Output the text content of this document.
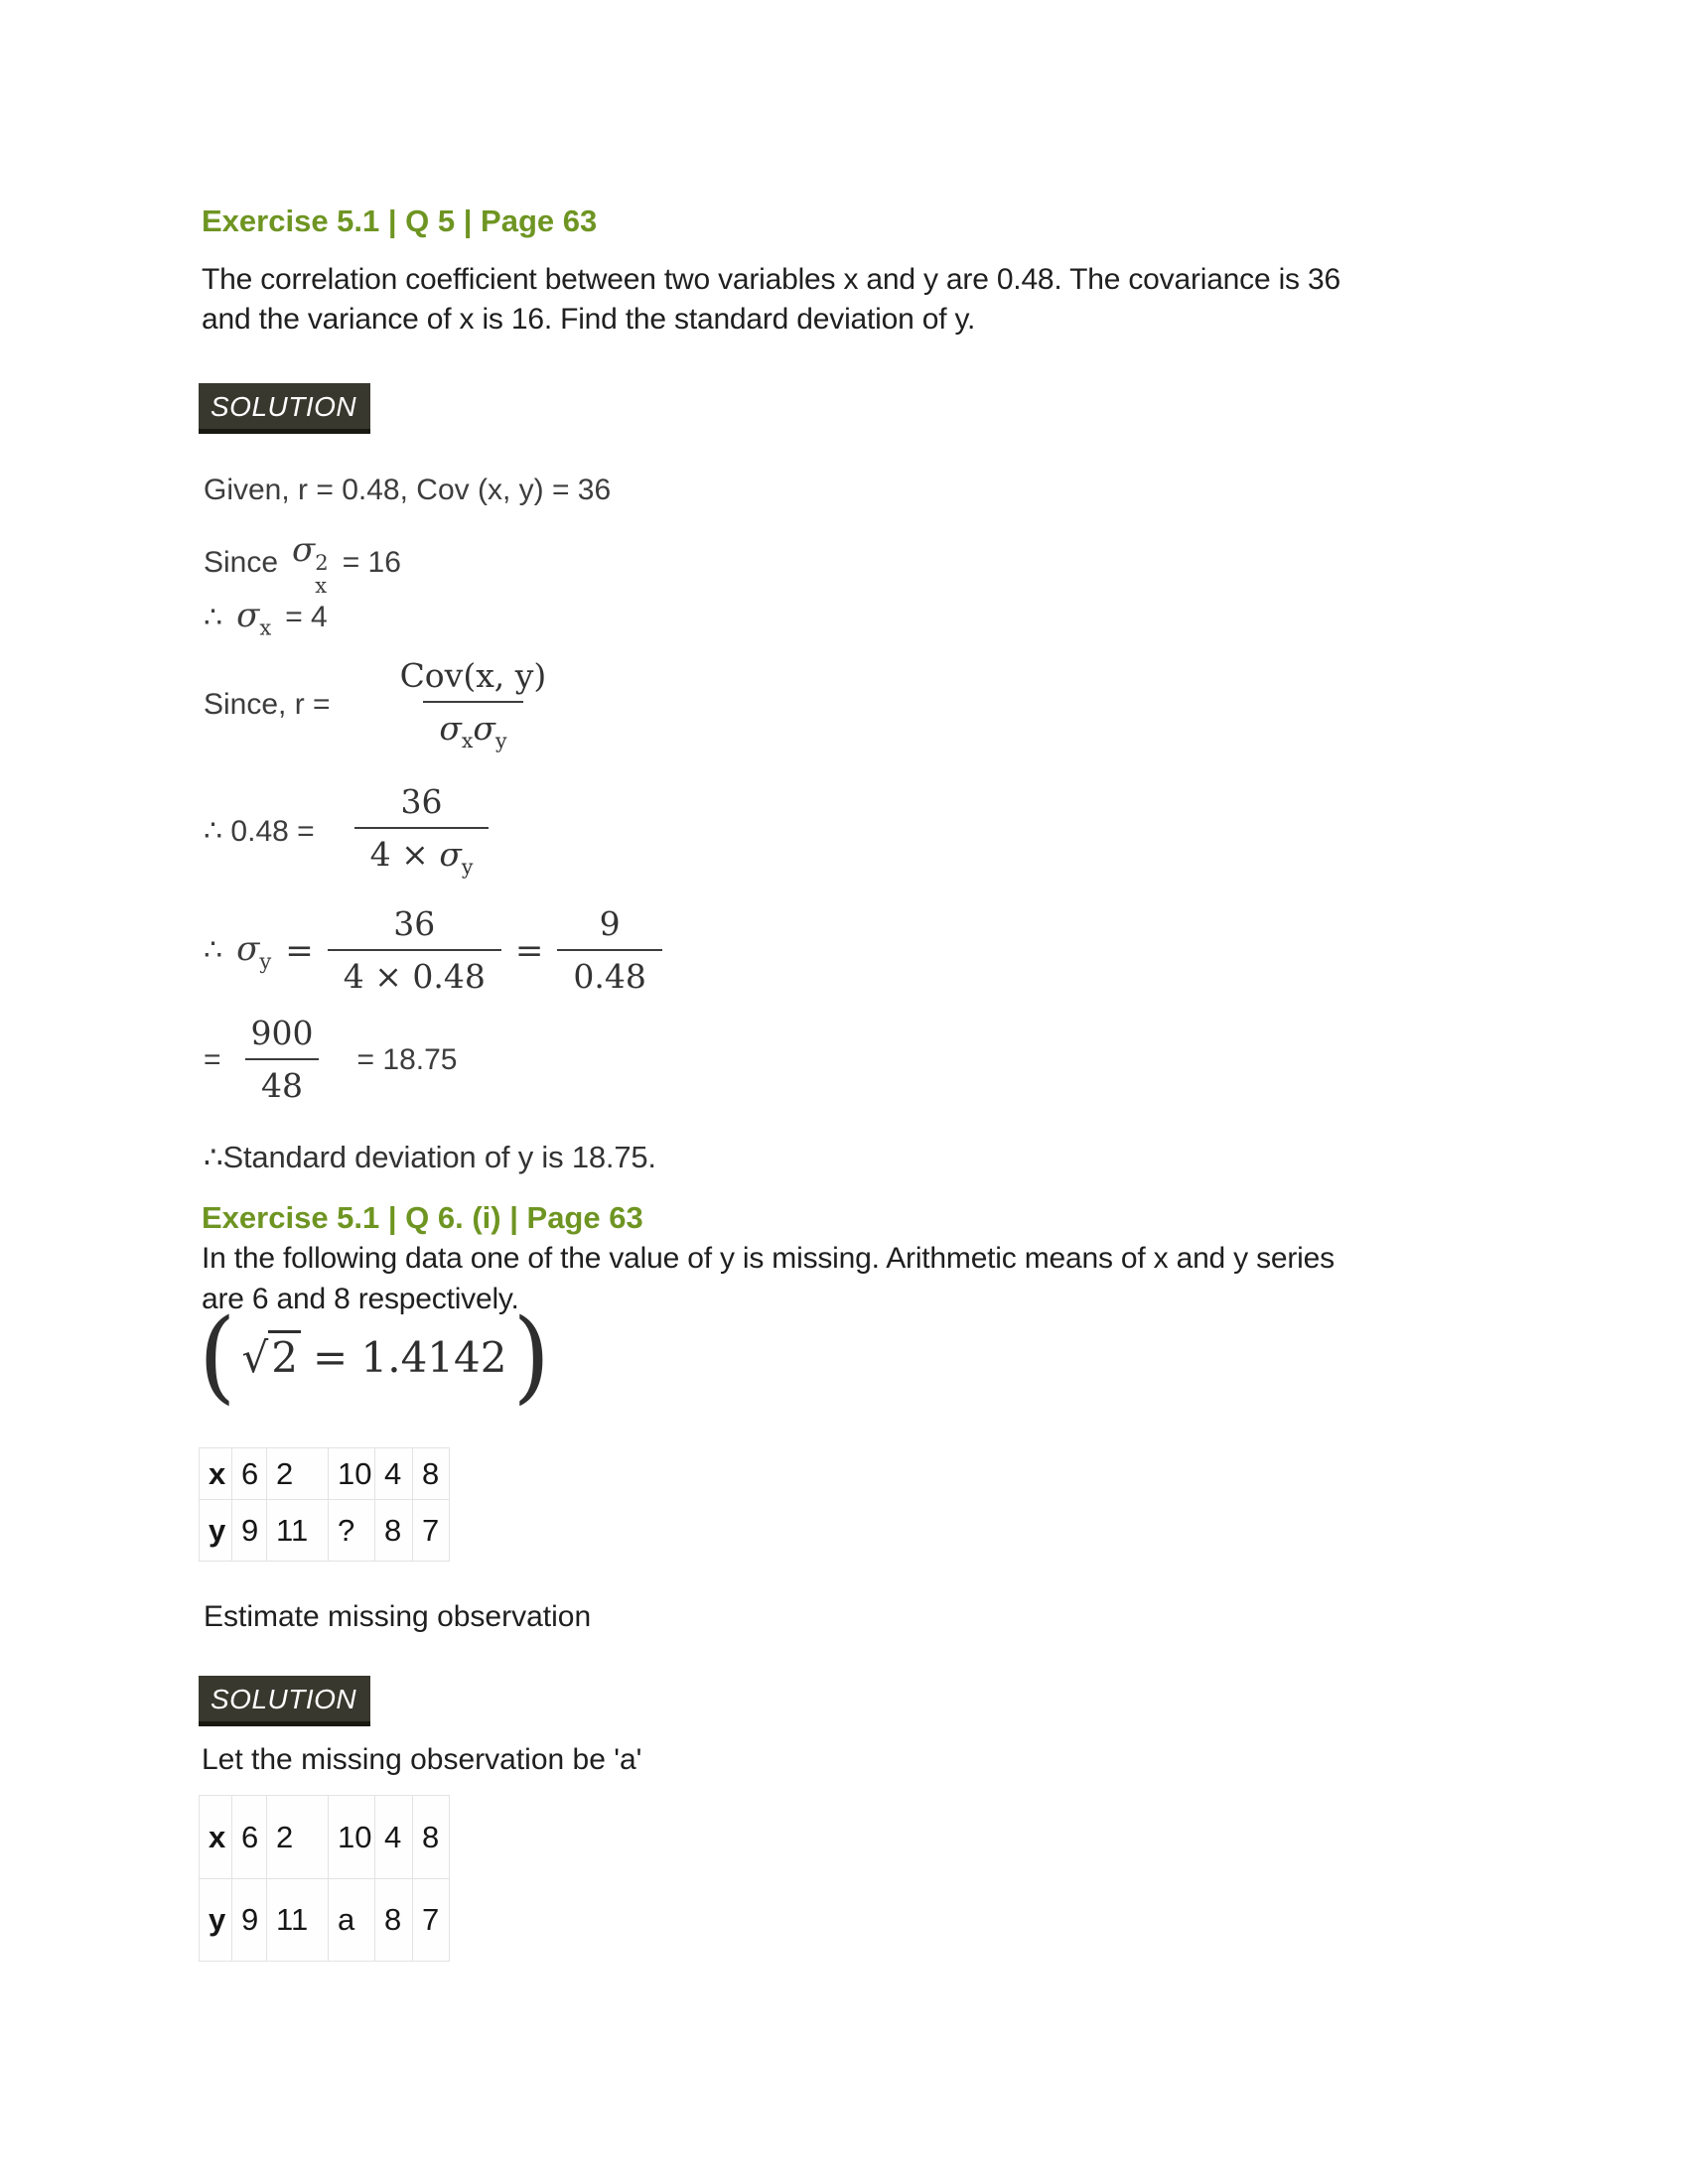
Exercise 5.1 | Q 5 | Page 63
The correlation coefficient between two variables x and y are 0.48. The covariance is 36
and the variance of x is 16. Find the standard deviation of y.
SOLUTION
Given, r = 0.48, Cov (x, y) = 36
Since σ 2
x
= 16
∴ $\sigma_x = 4$
Since, $r = \frac{\text{Cov(x, y)}}{\sigma_x\sigma_y}$
∴ $0.48 = \frac{36}{4 \times \sigma_y}$
∴ $\sigma_y = \frac{36}{4 \times 0.48} = \frac{9}{0.48}$
= $\frac{900}{48} = 18.75$
∴Standard deviation of y is 18.75.
Exercise 5.1 | Q 6. (i) | Page 63
In the following data one of the value of y is missing. Arithmetic means of x and y series
are 6 and 8 respectively.
( √ 2 = 1.4142 )
x 6 2	10 4 8
y 9 11 ? 8 7
Estimate missing observation
SOLUTION
Let the missing observation be 'a'
x 6 2	10 4 8
y 9 11 a 8 7
